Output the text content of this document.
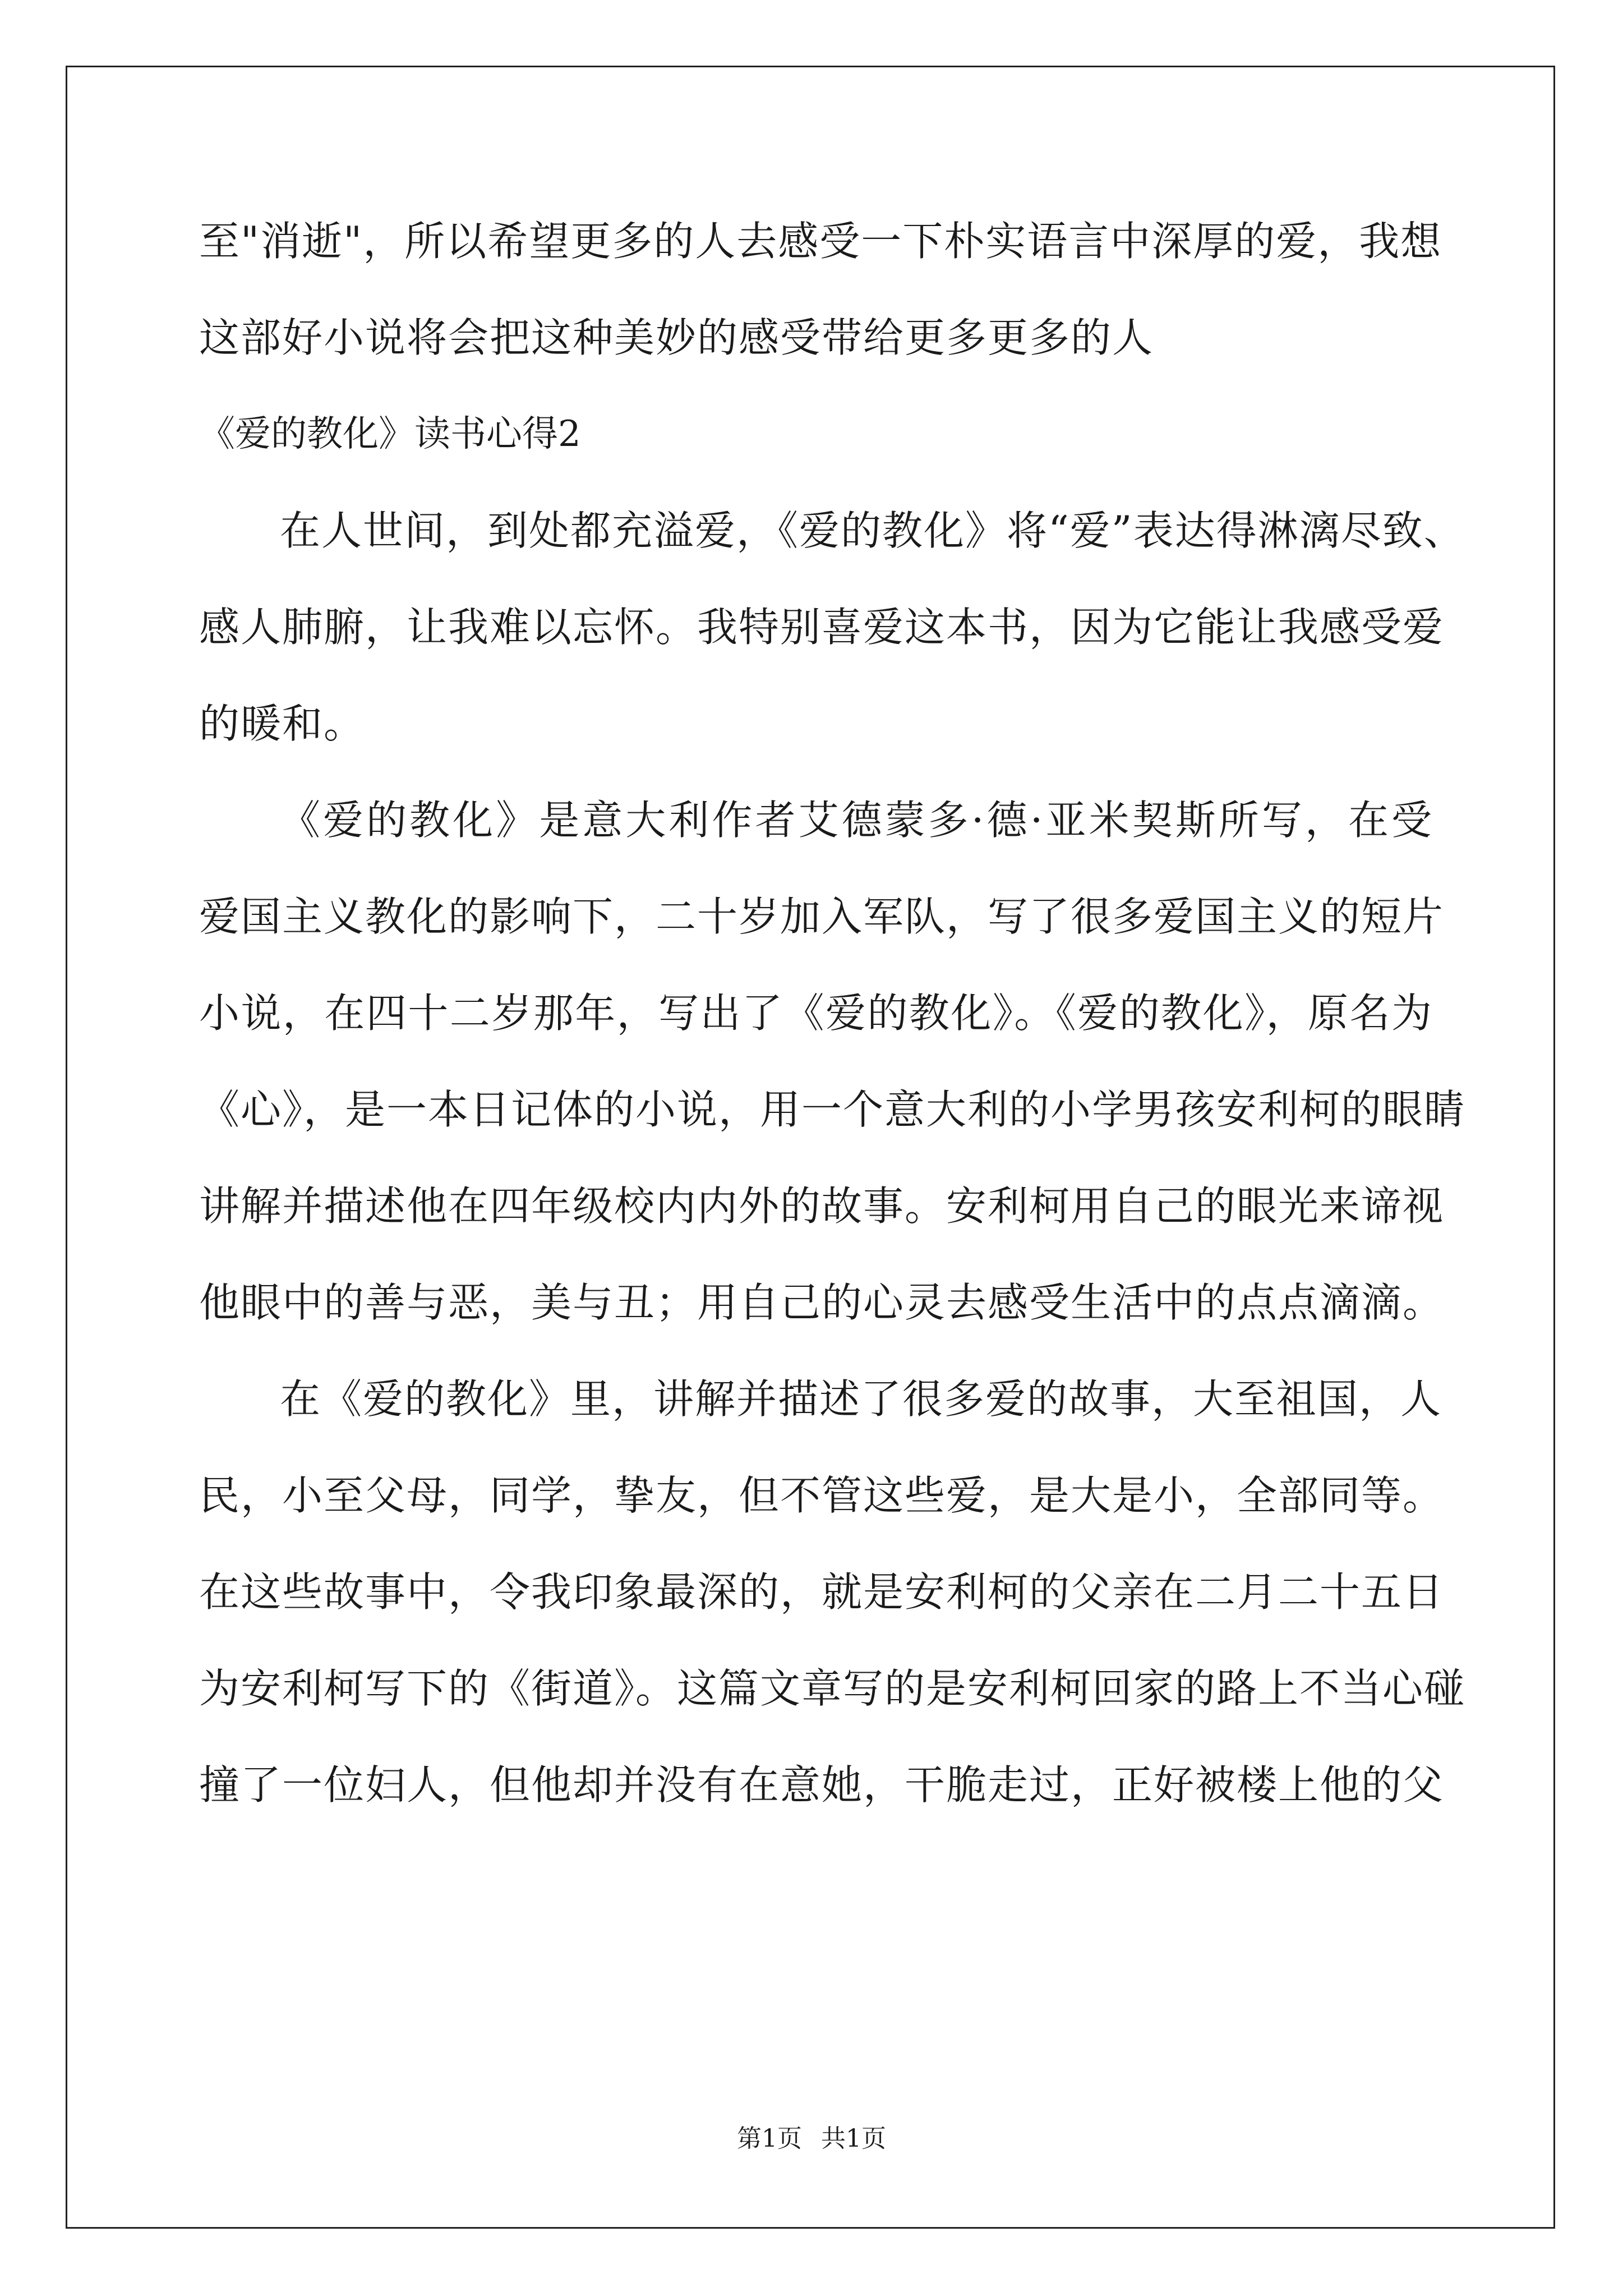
至"消逝"，所以希望更多的人去感受一下朴实语言中深厚的爱，我想
这部好小说将会把这种美妙的感受带给更多更多的人
《爱的教化》读书心得2
在人世间，到处都充溢爱，《爱的教化》将“爱”表达得淋漓尽致、
感人肺腑，让我难以忘怀。我特别喜爱这本书，因为它能让我感受爱
的暖和。
《爱的教化》是意大利作者艾德蒙多·德·亚米契斯所写，在受
爱国主义教化的影响下，二十岁加入军队，写了很多爱国主义的短片
小说，在四十二岁那年，写出了《爱的教化》。《爱的教化》，原名为
《心》，是一本日记体的小说，用一个意大利的小学男孩安利柯的眼睛
讲解并描述他在四年级校内内外的故事。安利柯用自己的眼光来谛视
他眼中的善与恶，美与丑；用自己的心灵去感受生活中的点点滴滴。
在《爱的教化》里，讲解并描述了很多爱的故事，大至祖国，人
民，小至父母，同学，挚友，但不管这些爱，是大是小，全部同等。
在这些故事中，令我印象最深的，就是安利柯的父亲在二月二十五日
为安利柯写下的《街道》。这篇文章写的是安利柯回家的路上不当心碰
撞了一位妇人，但他却并没有在意她，干脆走过，正好被楼上他的父
第1页 共1页
